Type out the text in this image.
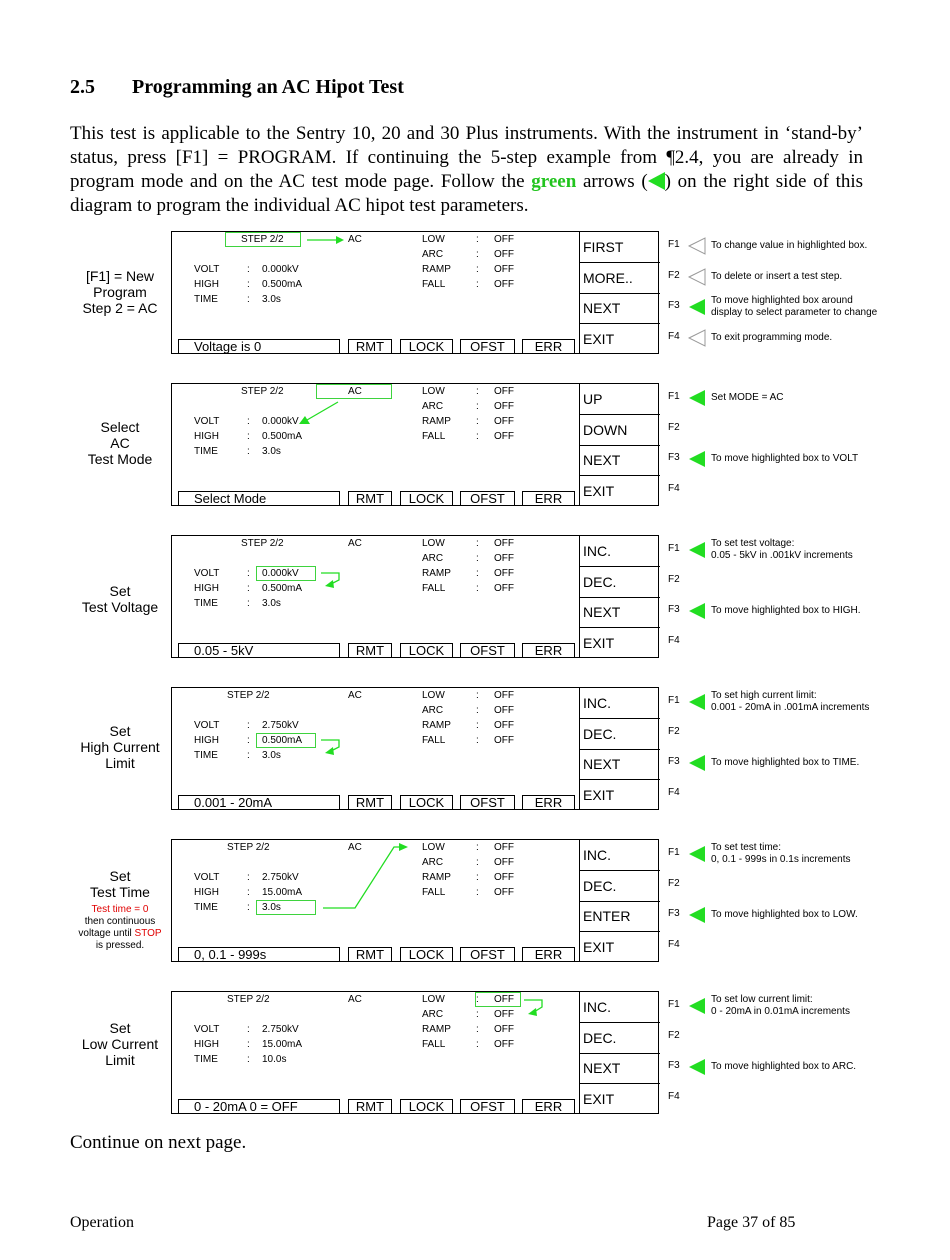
2.5 Programming an AC Hipot Test
This test is applicable to the Sentry 10, 20 and 30 Plus instruments. With the instrument in ‘stand-by’ status, press [F1] = PROGRAM. If continuing the 5-step example from ¶2.4, you are already in program mode and on the AC test mode page. Follow the green arrows ( ) on the right side of this diagram to program the individual AC hipot test parameters.
[F1] = New
Program
Step 2 = AC
STEP 2/2	AC
VOLT	: 0.000kV
HIGH	: 0.500mA
TIME	: 3.0s
LOW	: OFF
ARC	: OFF
RAMP	: OFF
FALL	: OFF
FIRST
MORE..
NEXT
EXIT
Voltage is 0	RMT	LOCK	OFST	ERR
F1	To change value in highlighted box.
F2	To delete or insert a test step.
F3	To move highlighted box around
display to select parameter to change
F4	To exit programming mode.
Select
AC
Test Mode
STEP 2/2	AC
VOLT	: 0.000kV
HIGH	: 0.500mA
TIME	: 3.0s
LOW	: OFF
ARC	: OFF
RAMP	: OFF
FALL	: OFF
UP
DOWN
NEXT
EXIT
Select Mode	RMT	LOCK	OFST	ERR
F1	Set MODE = AC
F2
F3	To move highlighted box to VOLT
F4
Set
Test Voltage
STEP 2/2	AC
VOLT	: 0.000kV
HIGH	: 0.500mA
TIME	: 3.0s
LOW	: OFF
ARC	: OFF
RAMP	: OFF
FALL	: OFF
INC.
DEC.
NEXT
EXIT
0.05 - 5kV	RMT	LOCK	OFST	ERR
F1	To set test voltage:
0.05 - 5kV in .001kV increments
F2
F3	To move highlighted box to HIGH.
F4
Set
High Current
Limit
STEP 2/2	AC
VOLT	: 2.750kV
HIGH	: 0.500mA
TIME	: 3.0s
LOW	: OFF
ARC	: OFF
RAMP	: OFF
FALL	: OFF
INC.
DEC.
NEXT
EXIT
0.001 - 20mA	RMT	LOCK	OFST	ERR
F1	To set high current limit:
0.001 - 20mA in .001mA increments
F2
F3	To move highlighted box to TIME.
F4
Set
Test Time
Test time = 0
then continuous
voltage until STOP
is pressed.
STEP 2/2	AC
VOLT	: 2.750kV
HIGH	: 15.00mA
TIME	: 3.0s
LOW	: OFF
ARC	: OFF
RAMP	: OFF
FALL	: OFF
INC.
DEC.
ENTER
EXIT
0, 0.1 - 999s	RMT	LOCK	OFST	ERR
F1	To set test time:
0, 0.1 - 999s in 0.1s increments
F2
F3	To move highlighted box to LOW.
F4
Set
Low Current
Limit
STEP 2/2	AC
VOLT	: 2.750kV
HIGH	: 15.00mA
TIME	: 10.0s
LOW	: OFF
ARC	: OFF
RAMP	: OFF
FALL	: OFF
INC.
DEC.
NEXT
EXIT
0 - 20mA 0 = OFF	RMT	LOCK	OFST	ERR
F1	To set low current limit:
0 - 20mA in 0.01mA increments
F2
F3	To move highlighted box to ARC.
F4
Continue on next page.
Operation	Page 37 of 85
